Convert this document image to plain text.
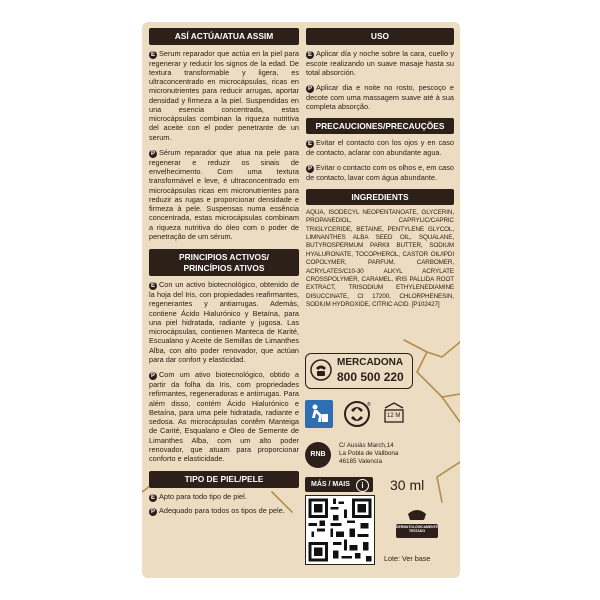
ASÍ ACTÚA/ATUA ASSIM

E Serum reparador que actúa en la piel para regenerar y reducir los signos de la edad. De textura transformable y ligera, es ultraconcentrado en microcápsulas, ricas en micronutrientes para reducir arrugas, aportar densidad y firmeza a la piel. Suspendidas en una esencia concentrada, estas microcápsulas combinan la riqueza nutritiva del aceite con el poder penetrante de un serum.

P Sérum reparador que atua na pele para regenerar e reduzir os sinais de envelhecimento. Com uma textura transformável e leve, é ultraconcentrado em microcápsulas ricas em micronutrientes para reduzir as rugas e proporcionar densidade e firmeza à pele. Suspensas numa essência concentrada, estas microcápsulas combinam a riqueza nutritiva do óleo com o poder de penetração de um sérum.

PRINCIPIOS ACTIVOS/
PRINCÍPIOS ATIVOS

E Con un activo biotecnológico, obtenido de la hoja del Iris, con propiedades reafirmantes, regenerantes y antiarrugas. Además, contiene Ácido Hialurónico y Betaína, para una piel hidratada, radiante y jugosa. Las microcápsulas, contienen Manteca de Karité, Escualano y Aceite de Semillas de Limanthes Alba, con alto poder renovador, que actúan para dar confort y elasticidad.

P Com um ativo biotecnológico, obtido a partir da folha da Iris, com propriedades refirmantes, regeneradoras e antirrugas. Para além disso, contém Ácido Hialurónico e Betaína, para uma pele hidratada, radiante e sedosa. As microcápsulas contêm Manteiga de Carité, Esqualano e Óleo de Semente de Limanthes Alba, com um alto poder renovador, que atuam para proporcionar conforto e elasticidade.

TIPO DE PIEL/PELE

E Apto para todo tipo de piel.

P Adequado para todos os tipos de pele.

USO

E Aplicar día y noche sobre la cara, cuello y escote realizando un suave masaje hasta su total absorción.

P Aplicar dia e noite no rosto, pescoço e decote com uma massagem suave até à sua completa absorção.

PRECAUCIONES/PRECAUÇÕES

E Evitar el contacto con los ojos y en caso de contacto, aclarar con abundante agua.

P Evitar o contacto com os olhos e, em caso de contacto, lavar com água abundante.

INGREDIENTS

AQUA, ISODECYL NEOPENTANOATE, GLYCERIN, PROPANEDIOL, CAPRYLIC/CAPRIC TRIGLYCERIDE, BETAINE, PENTYLENE GLYCOL, LIMNANTHES ALBA SEED OIL, SQUALANE, BUTYROSPERMUM PARKII BUTTER, SODIUM HYALURONATE, TOCOPHEROL, CASTOR OIL/IPDI COPOLYMER, PARFUM, CARBOMER, ACRYLATES/C10-30 ALKYL ACRYLATE CROSSPOLYMER, CARAMEL, IRIS PALLIDA ROOT EXTRACT, TRISODIUM ETHYLENEDIAMINE DISUCCINATE, CI 17200, CHLORPHENESIN, SODIUM HYDROXIDE, CITRIC ACID. [P102427]

MERCADONA
800 500 220
®
12 M
RNB
C/ Ausiàs March,14
La Pobla de Vallbona
46185 Valencia
MÁS / MAIS	i	30 ml
DERMATOLÓGICAMENTE
TESTADO
Lote: Ver base
